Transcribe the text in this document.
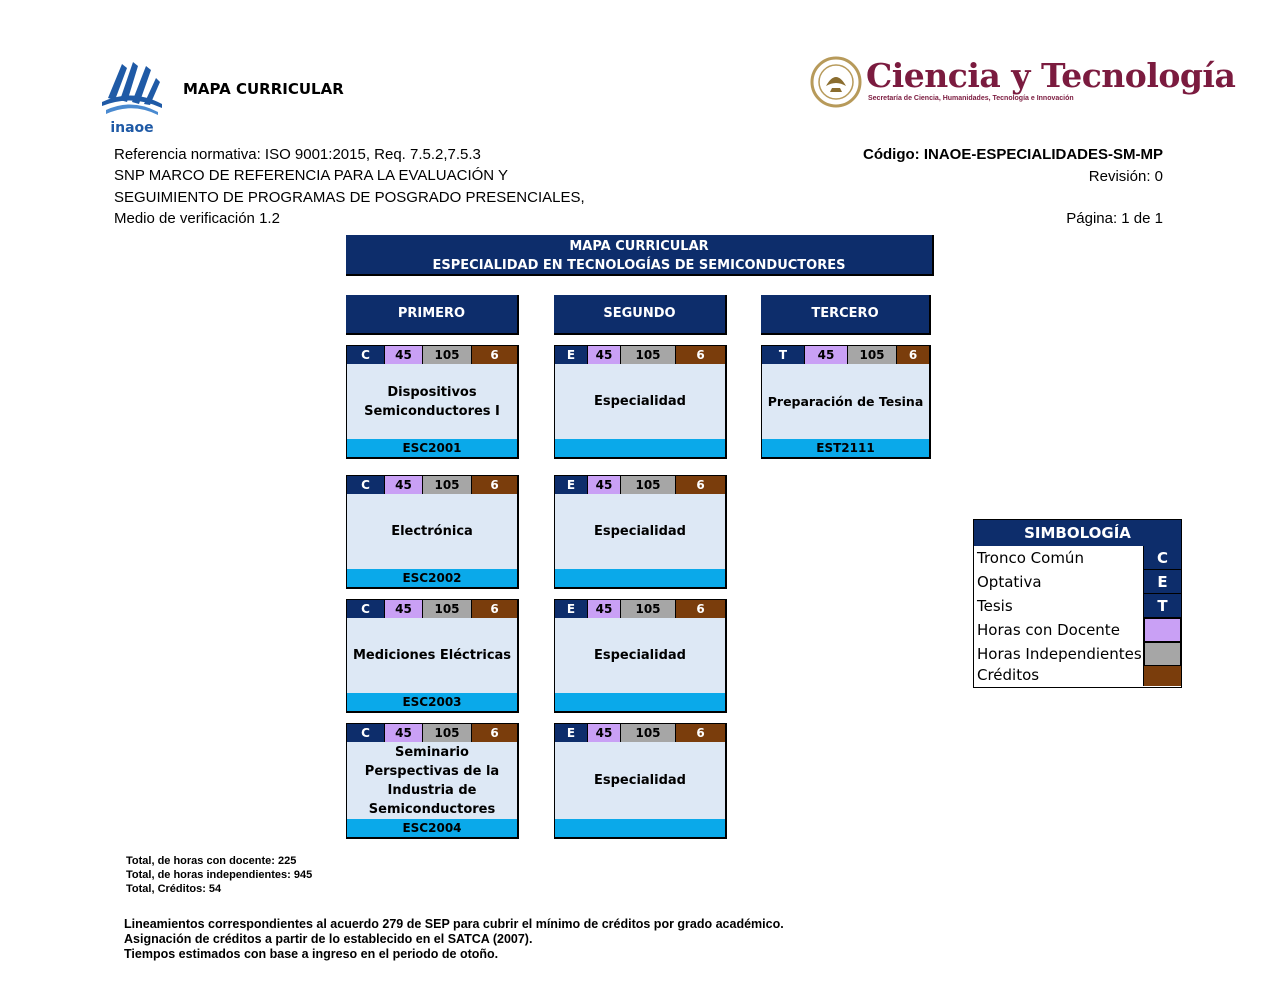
inaoe
MAPA CURRICULAR	Ciencia y Tecnología
Secretaría de Ciencia, Humanidades, Tecnología e Innovación
Referencia normativa: ISO 9001:2015, Req. 7.5.2,7.5.3
SNP MARCO DE REFERENCIA PARA LA EVALUACIÓN Y
SEGUIMIENTO DE PROGRAMAS DE POSGRADO PRESENCIALES,
Medio de verificación 1.2
Código: INAOE-ESPECIALIDADES-SM-MP
Revisión: 0
Página: 1 de 1
MAPA CURRICULAR
ESPECIALIDAD EN TECNOLOGÍAS DE SEMICONDUCTORES
PRIMERO	SEGUNDO	TERCERO
C	45	105	6
Dispositivos Semiconductores I
ESC2001
C	45	105	6
Electrónica
ESC2002
C	45	105	6
Mediciones Eléctricas
ESC2003
C	45	105	6
Seminario Perspectivas de la Industria de Semiconductores
ESC2004
E	45	105	6
Especialidad
E	45	105	6
Especialidad
E	45	105	6
Especialidad
E	45	105	6
Especialidad
T	45	105	6
Preparación de Tesina
EST2111
SIMBOLOGÍA
Tronco Común	C
Optativa	E
Tesis	T
Horas con Docente
Horas Independientes
Créditos
Total, de horas con docente: 225
Total, de horas independientes: 945
Total, Créditos: 54
Lineamientos correspondientes al acuerdo 279 de SEP para cubrir el mínimo de créditos por grado académico.
Asignación de créditos a partir de lo establecido en el SATCA (2007).
Tiempos estimados con base a ingreso en el periodo de otoño.
